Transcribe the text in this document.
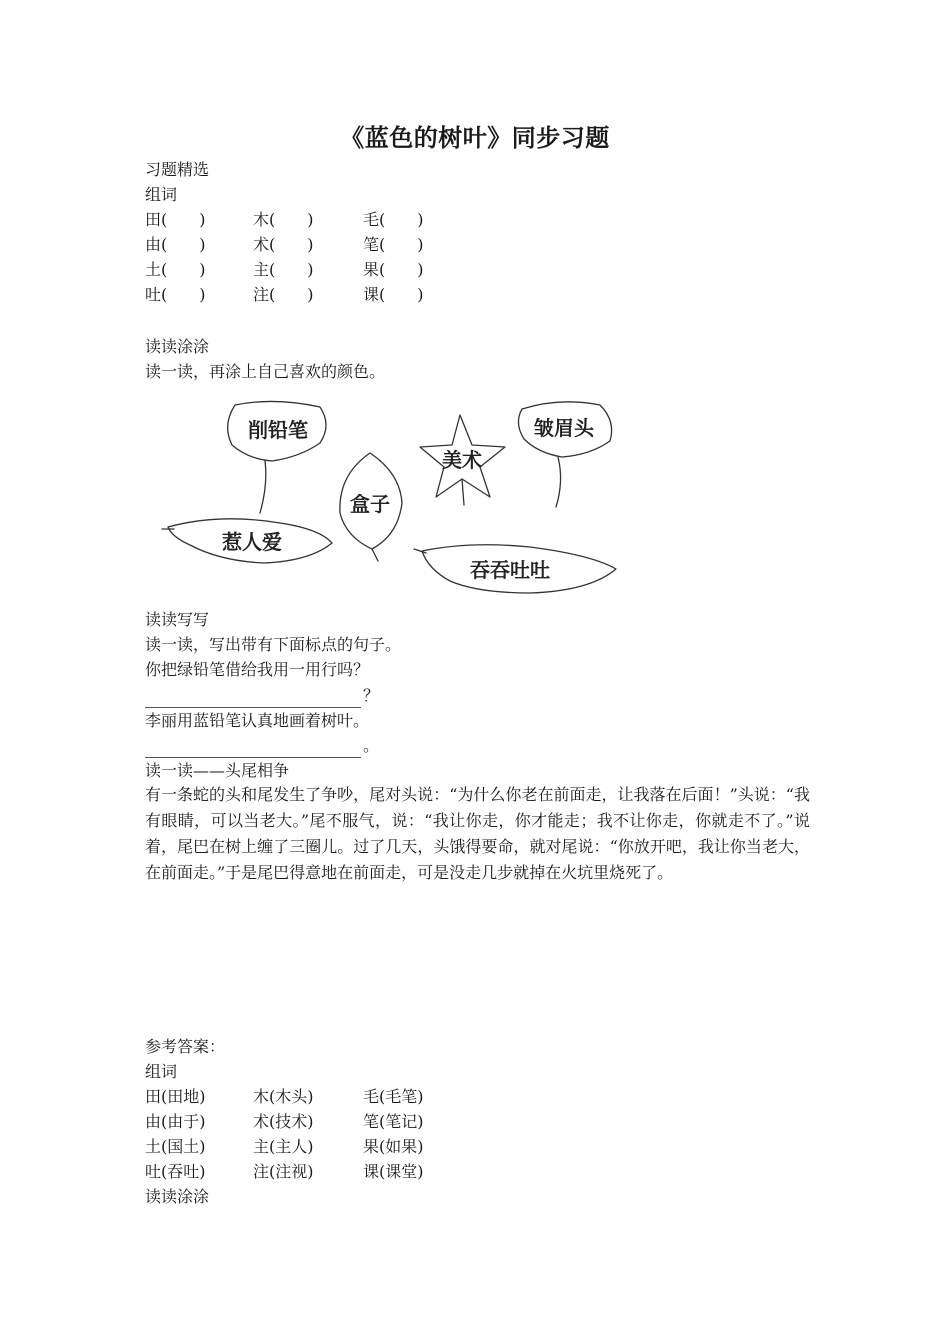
《蓝色的树叶》同步习题
习题精选
组词
田(　　)	木(　　)	毛(　　)
由(　　)	术(　　)	笔(　　)
土(　　)	主(　　)	果(　　)
吐(　　)	注(　　)	课(　　)
读读涂涂
读一读，再涂上自己喜欢的颜色。
削铅笔	皱眉头
美术
盒子
惹人爱
吞吞吐吐
读读写写
读一读，写出带有下面标点的句子。
你把绿铅笔借给我用一用行吗？
？
李丽用蓝铅笔认真地画着树叶。
。
读一读——头尾相争
有一条蛇的头和尾发生了争吵，尾对头说：“为什么你老在前面走，让我落在后面！”头说：“我有眼睛，可以当老大。”尾不服气，说：“我让你走，你才能走；我不让你走，你就走不了。”说着，尾巴在树上缠了三圈儿。过了几天，头饿得要命，就对尾说：“你放开吧，我让你当老大，在前面走。”于是尾巴得意地在前面走，可是没走几步就掉在火坑里烧死了。
参考答案：
组词
田(田地)	木(木头)	毛(毛笔)
由(由于)	术(技术)	笔(笔记)
土(国土)	主(主人)	果(如果)
吐(吞吐)	注(注视)	课(课堂)
读读涂涂
